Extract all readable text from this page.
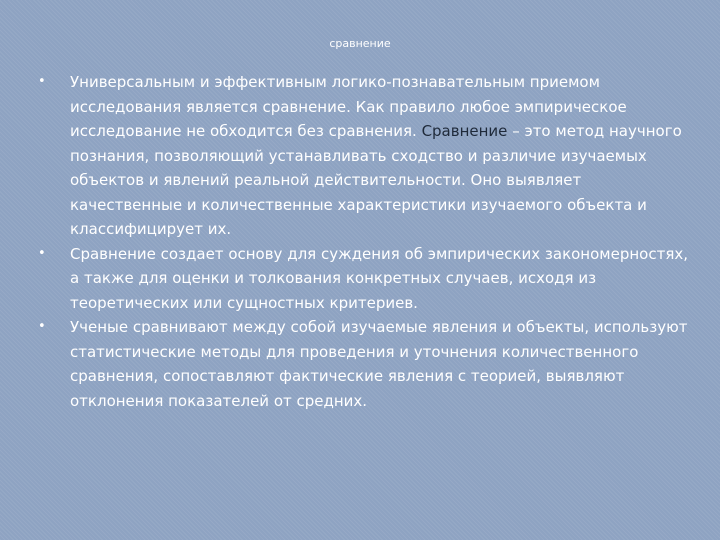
сравнение
• Универсальным и эффективным логико-познавательным приемом исследования является сравнение. Как правило любое эмпирическое исследование не обходится без сравнения. Сравнение – это метод научного познания, позволяющий устанавливать сходство и различие изучаемых объектов и явлений реальной действительности. Оно выявляет качественные и количественные характеристики изучаемого объекта и классифицирует их.
• Сравнение создает основу для суждения об эмпирических закономерностях, а также для оценки и толкования конкретных случаев, исходя из теоретических или сущностных критериев.
• Ученые сравнивают между собой изучаемые явления и объекты, используют статистические методы для проведения и уточнения количественного сравнения, сопоставляют фактические явления с теорией, выявляют отклонения показателей от средних.
